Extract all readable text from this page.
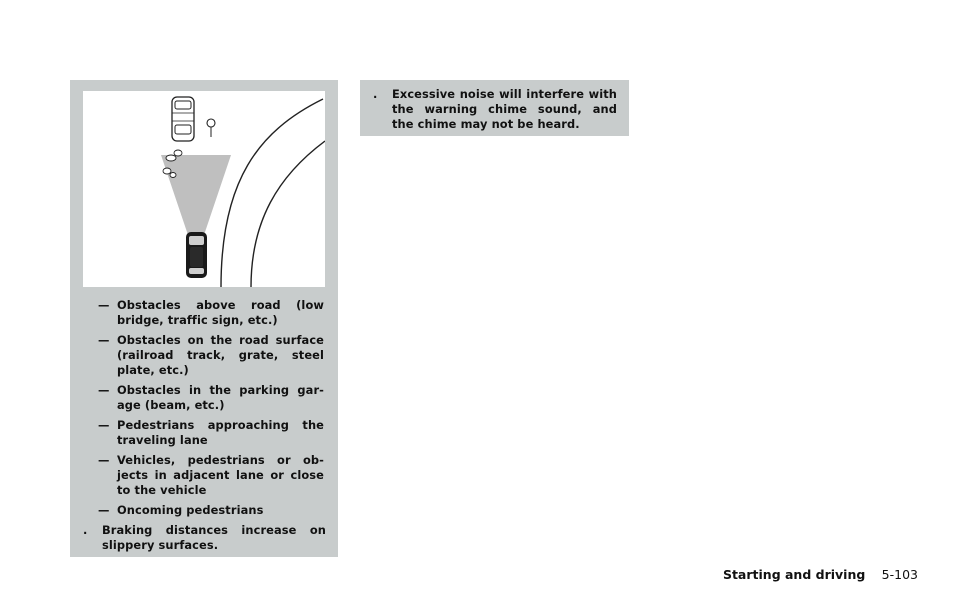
— Obstacles above road (low
bridge, traffic sign, etc.)
— Obstacles on the road surface
(railroad track, grate, steel
plate, etc.)
— Obstacles in the parking gar-
age (beam, etc.)
— Pedestrians approaching the
traveling lane
— Vehicles, pedestrians or ob-
jects in adjacent lane or close
to the vehicle
— Oncoming pedestrians
. Braking distances increase on
slippery surfaces.
. Excessive noise will interfere with
the warning chime sound, and
the chime may not be heard.
Starting and driving 5-103
